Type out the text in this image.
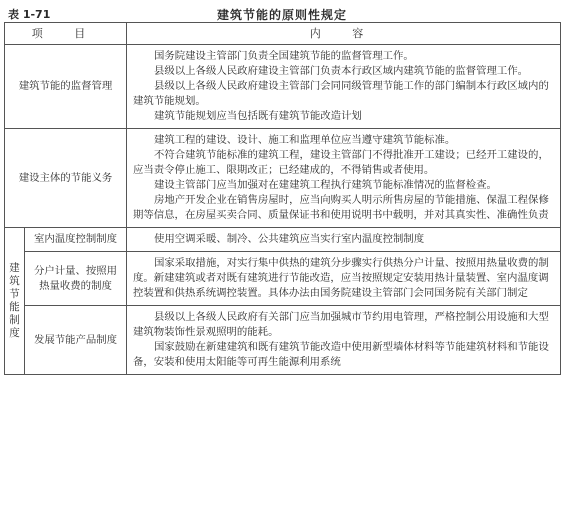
表 1-71	建筑节能的原则性规定
项 目		内 容
建筑节能的监督管理		国务院建设主管部门负责全国建筑节能的监督管理工作。

县级以上各级人民政府建设主管部门负责本行政区域内建筑节能的监督管理工作。

县级以上各级人民政府建设主管部门会同同级管理节能工作的部门编制本行政区域内的建筑节能规划。

建筑节能规划应当包括既有建筑节能改造计划

建设主体的节能义务		建筑工程的建设、设计、施工和监理单位应当遵守建筑节能标准。

不符合建筑节能标准的建筑工程，建设主管部门不得批准开工建设；已经开工建设的，应当责令停止施工、限期改正；已经建成的，不得销售或者使用。

建设主管部门应当加强对在建建筑工程执行建筑节能标准情况的监督检查。

房地产开发企业在销售房屋时，应当向购买人明示所售房屋的节能措施、保温工程保修期等信息，在房屋买卖合同、质量保证书和使用说明书中载明，并对其真实性、准确性负责

建筑节能制度	室内温度控制制度	使用空调采暖、制冷、公共建筑应当实行室内温度控制制度

	分户计量、按照用热量收费的制度	国家采取措施，对实行集中供热的建筑分步骤实行供热分户计量、按照用热量收费的制度。新建建筑或者对既有建筑进行节能改造，应当按照规定安装用热计量装置、室内温度调控装置和供热系统调控装置。具体办法由国务院建设主管部门会同国务院有关部门制定

	发展节能产品制度	县级以上各级人民政府有关部门应当加强城市节约用电管理，严格控制公用设施和大型建筑物装饰性景观照明的能耗。

国家鼓励在新建建筑和既有建筑节能改造中使用新型墙体材料等节能建筑材料和节能设备，安装和使用太阳能等可再生能源利用系统
